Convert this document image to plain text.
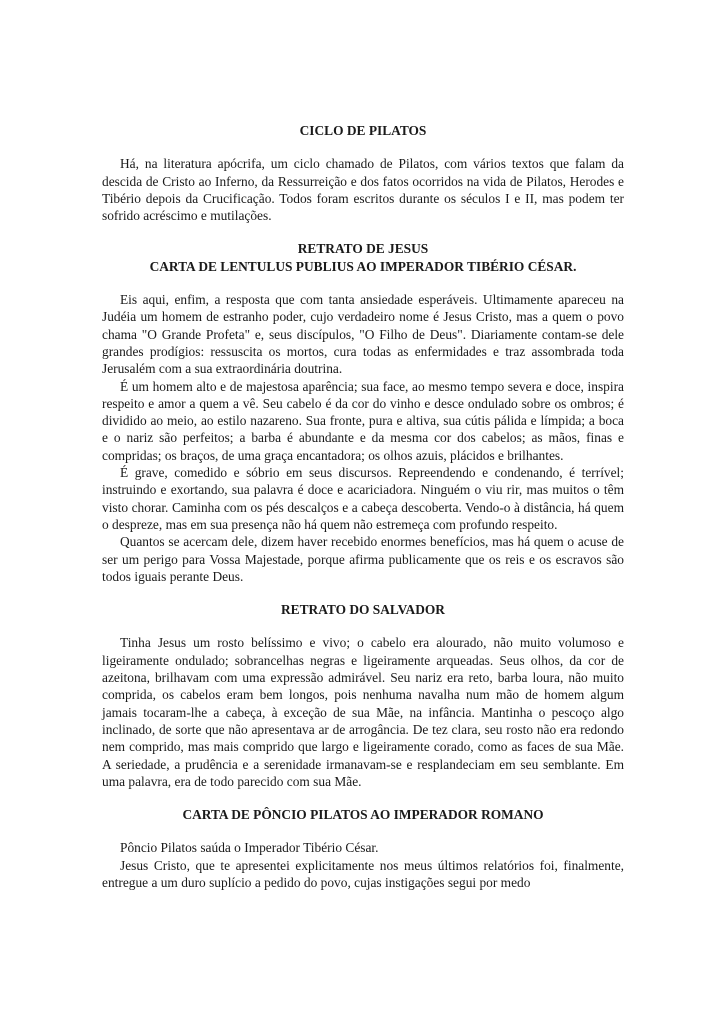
CICLO DE PILATOS

Há, na literatura apócrifa, um ciclo chamado de Pilatos, com vários textos que falam da descida de Cristo ao Inferno, da Ressurreição e dos fatos ocorridos na vida de Pilatos, Herodes e Tibério depois da Crucificação. Todos foram escritos durante os séculos I e II, mas podem ter sofrido acréscimo e mutilações.

RETRATO DE JESUS
CARTA DE LENTULUS PUBLIUS AO IMPERADOR TIBÉRIO CÉSAR.

Eis aqui, enfim, a resposta que com tanta ansiedade esperáveis. Ultimamente apareceu na Judéia um homem de estranho poder, cujo verdadeiro nome é Jesus Cristo, mas a quem o povo chama "O Grande Profeta" e, seus discípulos, "O Filho de Deus". Diariamente contam-se dele grandes prodígios: ressuscita os mortos, cura todas as enfermidades e traz assombrada toda Jerusalém com a sua extraordinária doutrina.

É um homem alto e de majestosa aparência; sua face, ao mesmo tempo severa e doce, inspira respeito e amor a quem a vê. Seu cabelo é da cor do vinho e desce ondulado sobre os ombros; é dividido ao meio, ao estilo nazareno. Sua fronte, pura e altiva, sua cútis pálida e límpida; a boca e o nariz são perfeitos; a barba é abundante e da mesma cor dos cabelos; as mãos, finas e compridas; os braços, de uma graça encantadora; os olhos azuis, plácidos e brilhantes.

É grave, comedido e sóbrio em seus discursos. Repreendendo e condenando, é terrível; instruindo e exortando, sua palavra é doce e acariciadora. Ninguém o viu rir, mas muitos o têm visto chorar. Caminha com os pés descalços e a cabeça descoberta. Vendo-o à distância, há quem o despreze, mas em sua presença não há quem não estremeça com profundo respeito.

Quantos se acercam dele, dizem haver recebido enormes benefícios, mas há quem o acuse de ser um perigo para Vossa Majestade, porque afirma publicamente que os reis e os escravos são todos iguais perante Deus.

RETRATO DO SALVADOR

Tinha Jesus um rosto belíssimo e vivo; o cabelo era alourado, não muito volumoso e ligeiramente ondulado; sobrancelhas negras e ligeiramente arqueadas. Seus olhos, da cor de azeitona, brilhavam com uma expressão admirável. Seu nariz era reto, barba loura, não muito comprida, os cabelos eram bem longos, pois nenhuma navalha num mão de homem algum jamais tocaram-lhe a cabeça, à exceção de sua Mãe, na infância. Mantinha o pescoço algo inclinado, de sorte que não apresentava ar de arrogância. De tez clara, seu rosto não era redondo nem comprido, mas mais comprido que largo e ligeiramente corado, como as faces de sua Mãe. A seriedade, a prudência e a serenidade irmanavam-se e resplandeciam em seu semblante. Em uma palavra, era de todo parecido com sua Mãe.

CARTA DE PÔNCIO PILATOS AO IMPERADOR ROMANO

Pôncio Pilatos saúda o Imperador Tibério César.

Jesus Cristo, que te apresentei explicitamente nos meus últimos relatórios foi, finalmente, entregue a um duro suplício a pedido do povo, cujas instigações segui por medo
